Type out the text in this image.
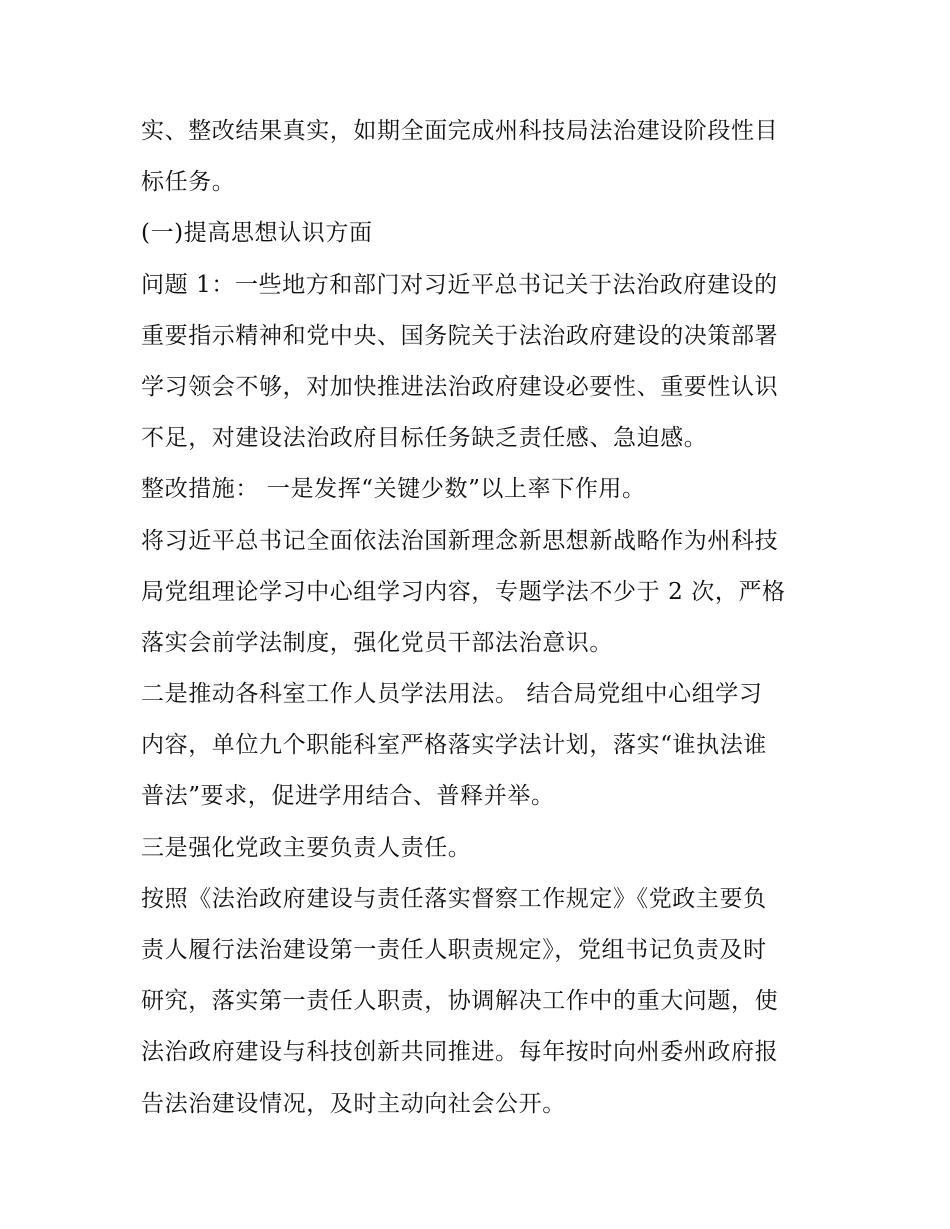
实、整改结果真实，如期全面完成州科技局法治建设阶段性目
标任务。
(一)提高思想认识方面
问题 1：一些地方和部门对习近平总书记关于法治政府建设的
重要指示精神和党中央、国务院关于法治政府建设的决策部署
学习领会不够，对加快推进法治政府建设必要性、重要性认识
不足，对建设法治政府目标任务缺乏责任感、急迫感。
整改措施： 一是发挥“关键少数”以上率下作用。
将习近平总书记全面依法治国新理念新思想新战略作为州科技
局党组理论学习中心组学习内容，专题学法不少于 2 次，严格
落实会前学法制度，强化党员干部法治意识。
二是推动各科室工作人员学法用法。 结合局党组中心组学习
内容，单位九个职能科室严格落实学法计划，落实“谁执法谁
普法”要求，促进学用结合、普释并举。
三是强化党政主要负责人责任。
按照《法治政府建设与责任落实督察工作规定》《党政主要负
责人履行法治建设第一责任人职责规定》，党组书记负责及时
研究，落实第一责任人职责，协调解决工作中的重大问题，使
法治政府建设与科技创新共同推进。每年按时向州委州政府报
告法治建设情况，及时主动向社会公开。
